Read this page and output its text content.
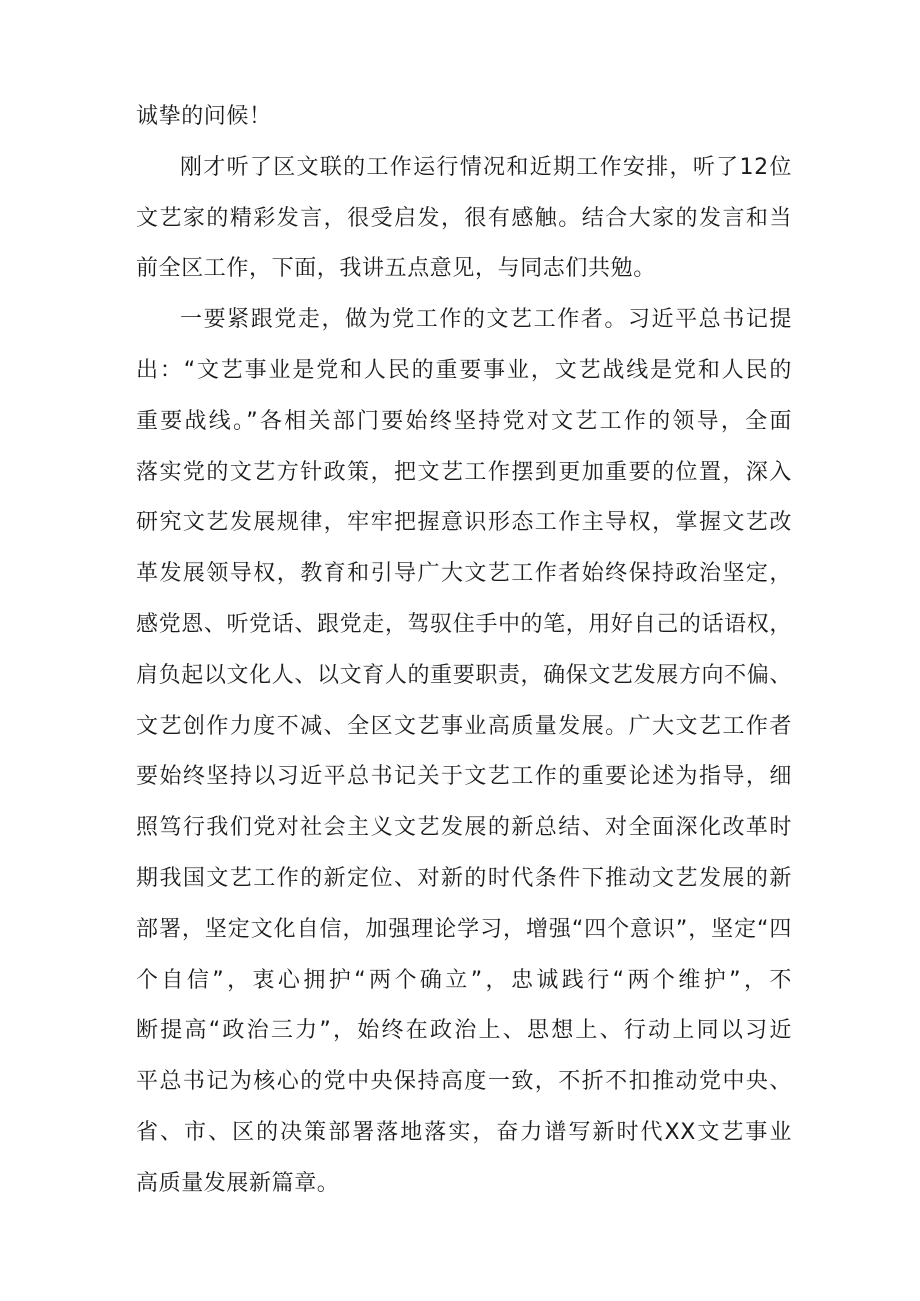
诚挚的问候！
刚才听了区文联的工作运行情况和近期工作安排，听了12位
文艺家的精彩发言，很受启发，很有感触。结合大家的发言和当
前全区工作，下面，我讲五点意见，与同志们共勉。
一要紧跟党走，做为党工作的文艺工作者。习近平总书记提
出：“文艺事业是党和人民的重要事业，文艺战线是党和人民的
重要战线。”各相关部门要始终坚持党对文艺工作的领导，全面
落实党的文艺方针政策，把文艺工作摆到更加重要的位置，深入
研究文艺发展规律，牢牢把握意识形态工作主导权，掌握文艺改
革发展领导权，教育和引导广大文艺工作者始终保持政治坚定，
感党恩、听党话、跟党走，驾驭住手中的笔，用好自己的话语权，
肩负起以文化人、以文育人的重要职责，确保文艺发展方向不偏、
文艺创作力度不减、全区文艺事业高质量发展。广大文艺工作者
要始终坚持以习近平总书记关于文艺工作的重要论述为指导，细
照笃行我们党对社会主义文艺发展的新总结、对全面深化改革时
期我国文艺工作的新定位、对新的时代条件下推动文艺发展的新
部署，坚定文化自信，加强理论学习，增强“四个意识”，坚定“四
个自信”，衷心拥护“两个确立”，忠诚践行“两个维护”，不
断提高“政治三力”，始终在政治上、思想上、行动上同以习近
平总书记为核心的党中央保持高度一致，不折不扣推动党中央、
省、市、区的决策部署落地落实，奋力谱写新时代XX文艺事业
高质量发展新篇章。
